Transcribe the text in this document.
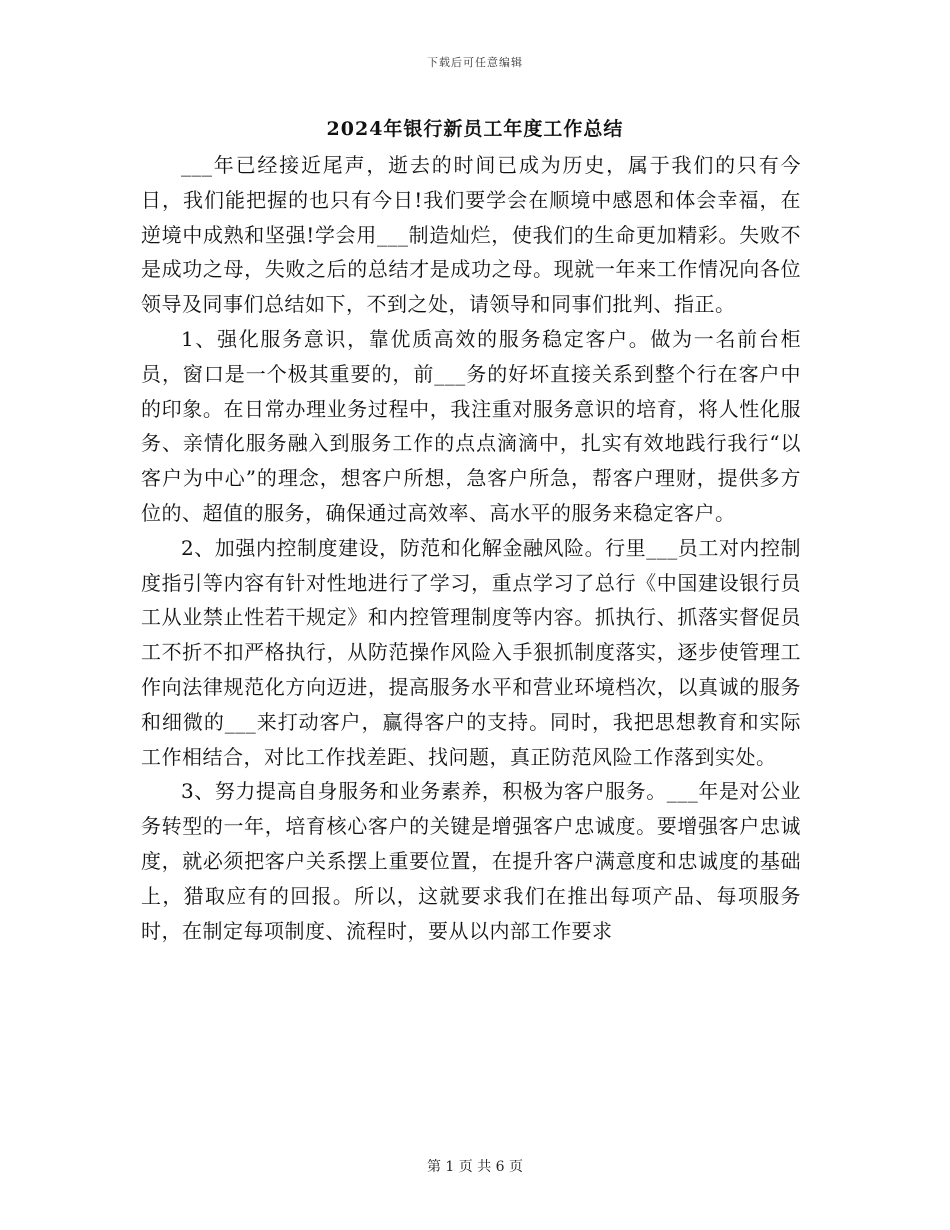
下载后可任意编辑
2024年银行新员工年度工作总结

___年已经接近尾声，逝去的时间已成为历史，属于我们的只有今日，我们能把握的也只有今日!我们要学会在顺境中感恩和体会幸福，在逆境中成熟和坚强!学会用___制造灿烂，使我们的生命更加精彩。失败不是成功之母，失败之后的总结才是成功之母。现就一年来工作情况向各位领导及同事们总结如下，不到之处，请领导和同事们批判、指正。

1、强化服务意识，靠优质高效的服务稳定客户。做为一名前台柜员，窗口是一个极其重要的，前___务的好坏直接关系到整个行在客户中的印象。在日常办理业务过程中，我注重对服务意识的培育，将人性化服务、亲情化服务融入到服务工作的点点滴滴中，扎实有效地践行我行“以客户为中心”的理念，想客户所想，急客户所急，帮客户理财，提供多方位的、超值的服务，确保通过高效率、高水平的服务来稳定客户。

2、加强内控制度建设，防范和化解金融风险。行里___员工对内控制度指引等内容有针对性地进行了学习，重点学习了总行《中国建设银行员工从业禁止性若干规定》和内控管理制度等内容。抓执行、抓落实督促员工不折不扣严格执行，从防范操作风险入手狠抓制度落实，逐步使管理工作向法律规范化方向迈进，提高服务水平和营业环境档次，以真诚的服务和细微的___来打动客户，赢得客户的支持。同时，我把思想教育和实际工作相结合，对比工作找差距、找问题，真正防范风险工作落到实处。

3、努力提高自身服务和业务素养，积极为客户服务。___年是对公业务转型的一年，培育核心客户的关键是增强客户忠诚度。要增强客户忠诚度，就必须把客户关系摆上重要位置，在提升客户满意度和忠诚度的基础上，猎取应有的回报。所以，这就要求我们在推出每项产品、每项服务时，在制定每项制度、流程时，要从以内部工作要求

第 1 页 共 6 页
